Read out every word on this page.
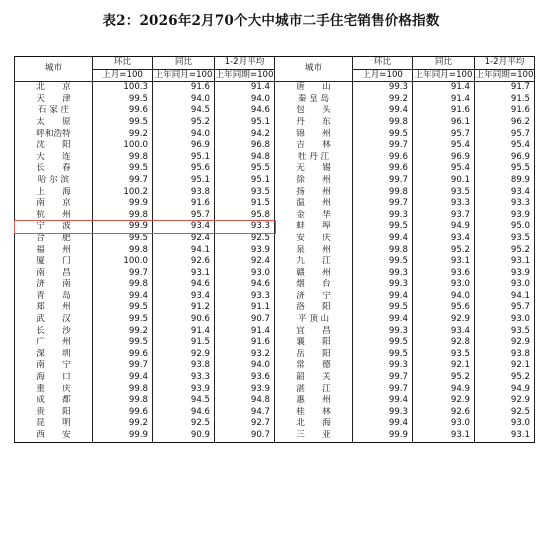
表2：2026年2月70个大中城市二手住宅销售价格指数
城市	环比	同比	1-2月平均	城市	环比	同比	1-2月平均
	上月=100	上年同月=100	上年同期=100		上月=100	上年同月=100	上年同期=100
北　　京	100.3	91.6	91.4	唐　　山	99.3	91.4	91.7
天　　津	99.5	94.0	94.0	秦 皇 岛	99.2	91.4	91.5
石 家 庄	99.6	94.5	94.6	包　　头	99.4	91.6	91.6
太　　原	99.5	95.2	95.1	丹　　东	99.8	96.1	96.2
呼和浩特	99.2	94.0	94.2	锦　　州	99.5	95.7	95.7
沈　　阳	100.0	96.9	96.8	吉　　林	99.7	95.4	95.4
大　　连	99.8	95.1	94.8	牡 丹 江	99.6	96.9	96.9
长　　春	99.5	95.6	95.5	无　　锡	99.6	95.4	95.5
哈 尔 滨	99.7	95.1	95.1	徐　　州	99.7	90.1	89.9
上　　海	100.2	93.8	93.5	扬　　州	99.8	93.5	93.4
南　　京	99.9	91.6	91.5	温　　州	99.7	93.3	93.3
杭　　州	99.8	95.7	95.8	金　　华	99.3	93.7	93.9
宁　　波	99.9	93.4	93.3	蚌　　埠	99.5	94.9	95.0
合　　肥	99.5	92.4	92.5	安　　庆	99.4	93.4	93.5
福　　州	99.8	94.1	93.9	泉　　州	99.8	95.2	95.2
厦　　门	100.0	92.6	92.4	九　　江	99.5	93.1	93.1
南　　昌	99.7	93.1	93.0	赣　　州	99.3	93.6	93.9
济　　南	99.8	94.6	94.6	烟　　台	99.3	93.0	93.0
青　　岛	99.4	93.4	93.3	济　　宁	99.4	94.0	94.1
郑　　州	99.5	91.2	91.1	洛　　阳	99.5	95.6	95.7
武　　汉	99.5	90.6	90.7	平 顶 山	99.4	92.9	93.0
长　　沙	99.2	91.4	91.4	宜　　昌	99.3	93.4	93.5
广　　州	99.5	91.5	91.6	襄　　阳	99.5	92.8	92.9
深　　圳	99.6	92.9	93.2	岳　　阳	99.5	93.5	93.8
南　　宁	99.7	93.8	94.0	常　　德	99.3	92.1	92.1
海　　口	99.4	93.3	93.6	韶　　关	99.7	95.2	95.2
重　　庆	99.8	93.9	93.9	湛　　江	99.7	94.9	94.9
成　　都	99.8	94.5	94.8	惠　　州	99.4	92.9	92.9
贵　　阳	99.6	94.6	94.7	桂　　林	99.3	92.6	92.5
昆　　明	99.2	92.5	92.7	北　　海	99.4	93.0	93.0
西　　安	99.9	90.9	90.7	三　　亚	99.9	93.1	93.1
